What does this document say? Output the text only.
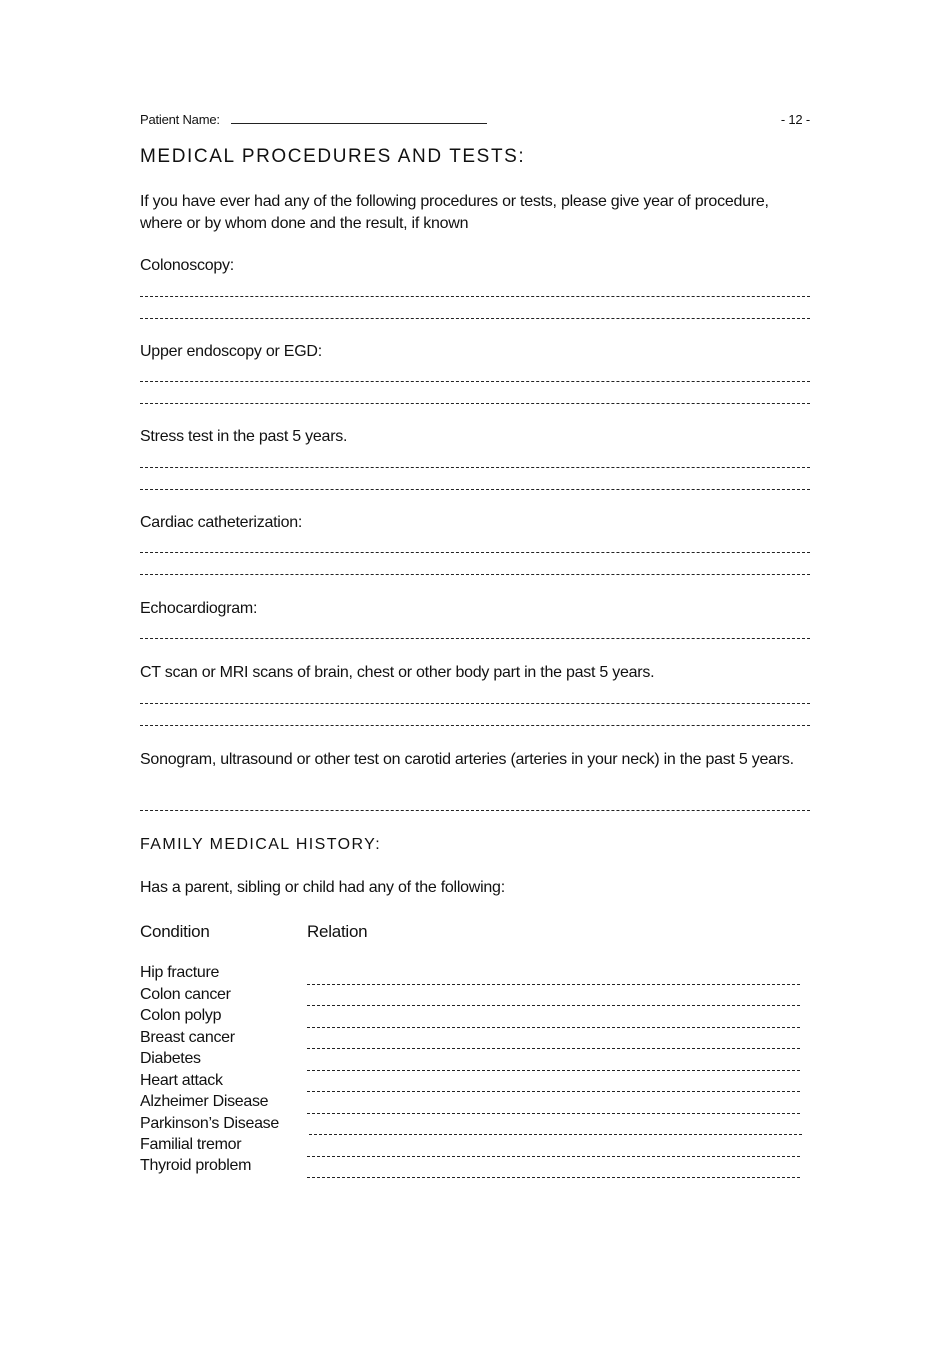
Patient Name:	- 12 -
MEDICAL PROCEDURES AND TESTS:
If you have ever had any of the following procedures or tests, please give year of procedure, where or by whom done and the result, if known
Colonoscopy:
Upper endoscopy or EGD:
Stress test in the past 5 years.
Cardiac catheterization:
Echocardiogram:
CT scan or MRI scans of brain, chest or other body part in the past 5 years.
Sonogram, ultrasound or other test on carotid arteries (arteries in your neck) in the past 5 years.
FAMILY MEDICAL HISTORY:
Has a parent, sibling or child had any of the following:
Condition	Relation
Hip fracture
Colon cancer
Colon polyp
Breast cancer
Diabetes
Heart attack
Alzheimer Disease
Parkinson’s Disease
Familial tremor
Thyroid problem
